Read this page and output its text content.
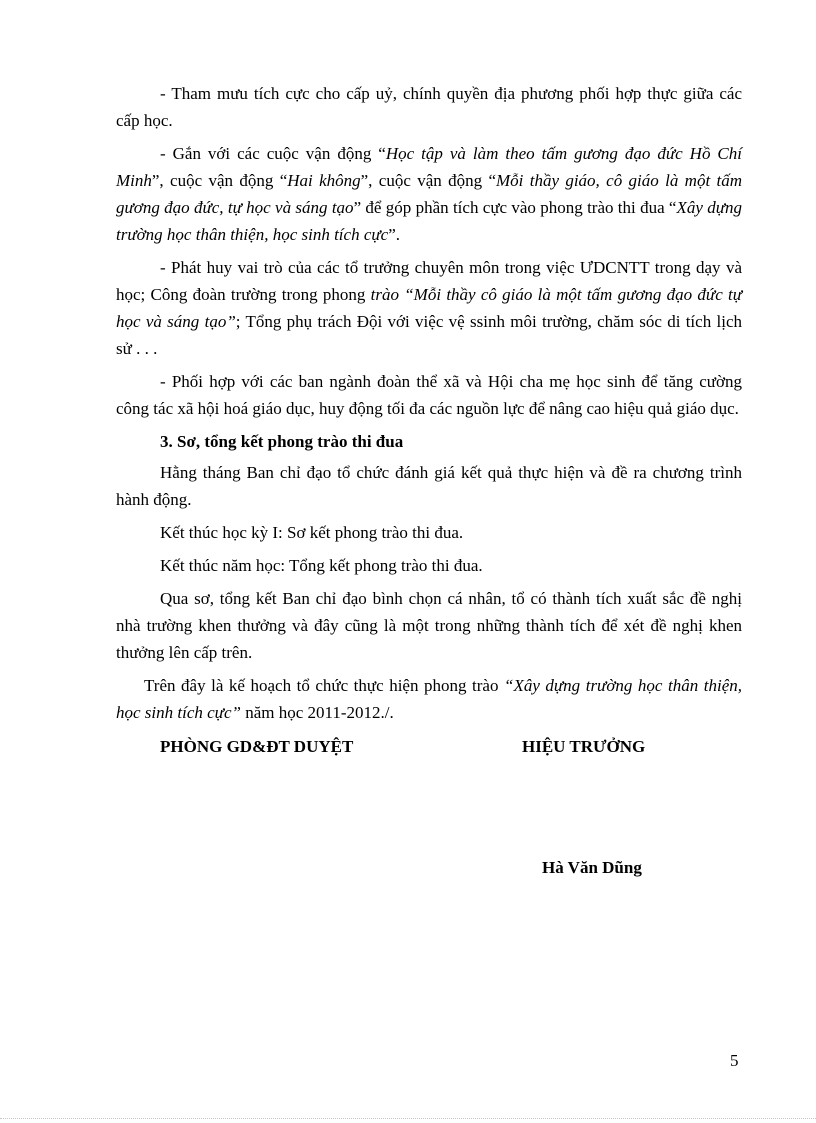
- Tham mưu tích cực cho cấp uỷ, chính quyền địa phương phối hợp thực giữa các cấp học.

- Gắn với các cuộc vận động “Học tập và làm theo tấm gương đạo đức Hồ Chí Minh”, cuộc vận động “Hai không”, cuộc vận động “Mỗi thầy giáo, cô giáo là một tấm gương đạo đức, tự học và sáng tạo” để góp phần tích cực vào phong trào thi đua “Xây dựng trường học thân thiện, học sinh tích cực”.

- Phát huy vai trò của các tổ trưởng chuyên môn trong việc ƯDCNTT trong dạy và học; Công đoàn trường trong phong trào “Mỗi thầy cô giáo là một tấm gương đạo đức tự học và sáng tạo”; Tổng phụ trách Đội với việc vệ ssinh môi trường, chăm sóc di tích lịch sử . . .

- Phối hợp với các ban ngành đoàn thể xã và Hội cha mẹ học sinh để tăng cường công tác xã hội hoá giáo dục, huy động tối đa các nguồn lực để nâng cao hiệu quả giáo dục.

3. Sơ, tổng kết phong trào thi đua

Hằng tháng Ban chỉ đạo tổ chức đánh giá kết quả thực hiện và đề ra chương trình hành động.

Kết thúc học kỳ I: Sơ kết phong trào thi đua.

Kết thúc năm học: Tổng kết phong trào thi đua.

Qua sơ, tổng kết Ban chỉ đạo bình chọn cá nhân, tổ có thành tích xuất sắc đề nghị nhà trường khen thưởng và đây cũng là một trong những thành tích để xét đề nghị khen thưởng lên cấp trên.

Trên đây là kế hoạch tổ chức thực hiện phong trào “Xây dựng trường học thân thiện, học sinh tích cực” năm học 2011-2012./.

PHÒNG GD&ĐT DUYỆT	HIỆU TRƯỞNG
Hà Văn Dũng
5
